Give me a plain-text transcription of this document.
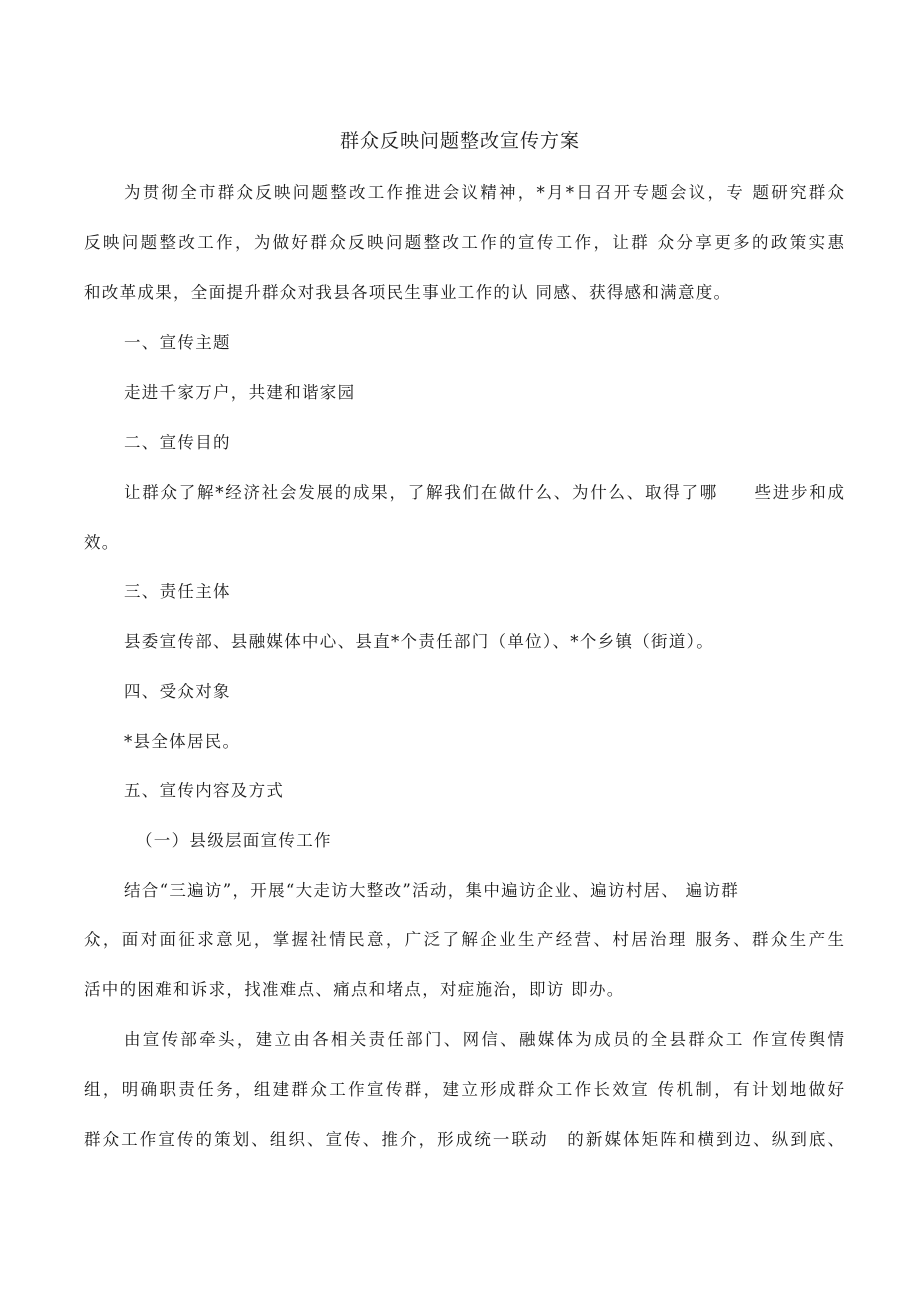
群众反映问题整改宣传方案
为贯彻全市群众反映问题整改工作推进会议精神，*月*日召开专题会议，专 题研究群众
反映问题整改工作，为做好群众反映问题整改工作的宣传工作，让群 众分享更多的政策实惠
和改革成果，全面提升群众对我县各项民生事业工作的认 同感、获得感和满意度。
一、宣传主题
走进千家万户，共建和谐家园
二、宣传目的
让群众了解*经济社会发展的成果，了解我们在做什么、为什么、取得了哪　　些进步和成
效。
三、责任主体
县委宣传部、县融媒体中心、县直*个责任部门（单位）、*个乡镇（街道）。
四、受众对象
*县全体居民。
五、宣传内容及方式
（一）县级层面宣传工作
结合“三遍访”，开展“大走访大整改”活动，集中遍访企业、遍访村居、 遍访群
众，面对面征求意见，掌握社情民意，广泛了解企业生产经营、村居治理 服务、群众生产生
活中的困难和诉求，找准难点、痛点和堵点，对症施治，即访 即办。
由宣传部牵头，建立由各相关责任部门、网信、融媒体为成员的全县群众工 作宣传舆情
组，明确职责任务，组建群众工作宣传群，建立形成群众工作长效宣 传机制，有计划地做好
群众工作宣传的策划、组织、宣传、推介，形成统一联动　的新媒体矩阵和横到边、纵到底、
